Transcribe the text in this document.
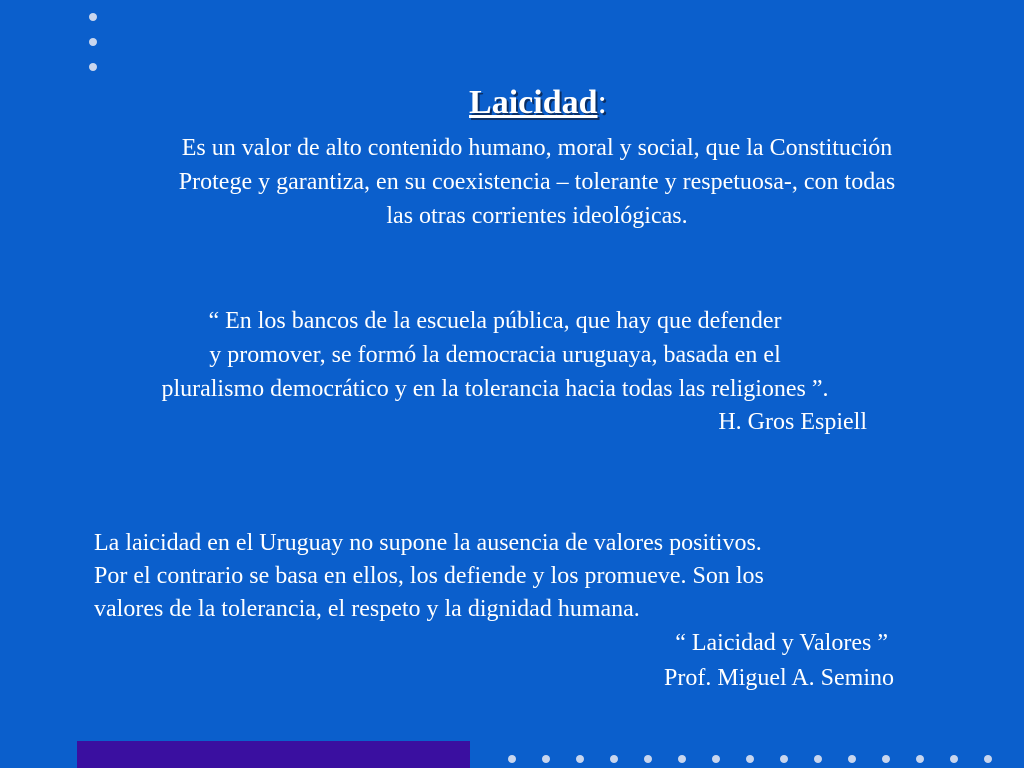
Laicidad:
Es un valor de alto contenido humano, moral y social, que la Constitución
Protege y garantiza, en su coexistencia – tolerante y respetuosa-, con todas
las otras corrientes ideológicas.
“ En los bancos de la escuela pública, que hay que defender
y promover, se formó la democracia uruguaya, basada en el
pluralismo democrático y en la tolerancia hacia todas las religiones ”.
H. Gros Espiell
La laicidad en el Uruguay no supone la ausencia de valores positivos.
Por el contrario se basa en ellos, los defiende y los promueve. Son los
valores de la tolerancia, el respeto y la dignidad humana.
“ Laicidad y Valores ”
Prof. Miguel A. Semino
